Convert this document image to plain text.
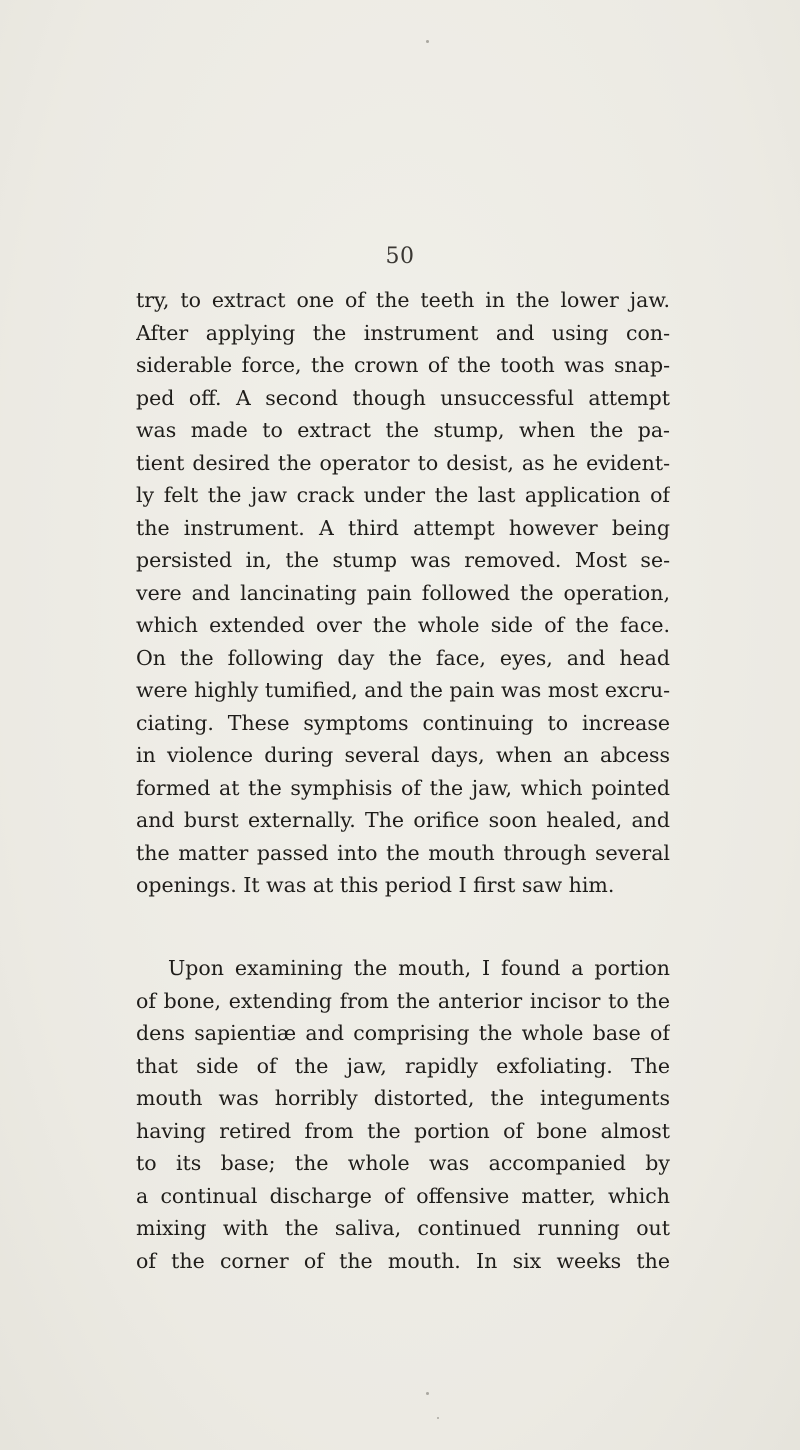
50
try, to extract one of the teeth in the lower jaw.
After applying the instrument and using con-
siderable force, the crown of the tooth was snap-
ped off. A second though unsuccessful attempt
was made to extract the stump, when the pa-
tient desired the operator to desist, as he evident-
ly felt the jaw crack under the last application of
the instrument. A third attempt however being
persisted in, the stump was removed. Most se-
vere and lancinating pain followed the operation,
which extended over the whole side of the face.
On the following day the face, eyes, and head
were highly tumified, and the pain was most excru-
ciating. These symptoms continuing to increase
in violence during several days, when an abcess
formed at the symphisis of the jaw, which pointed
and burst externally. The orifice soon healed, and
the matter passed into the mouth through several
openings. It was at this period I first saw him.
Upon examining the mouth, I found a portion
of bone, extending from the anterior incisor to the
dens sapientiæ and comprising the whole base of
that side of the jaw, rapidly exfoliating. The
mouth was horribly distorted, the integuments
having retired from the portion of bone almost
to its base; the whole was accompanied by
a continual discharge of offensive matter, which
mixing with the saliva, continued running out
of the corner of the mouth. In six weeks the
